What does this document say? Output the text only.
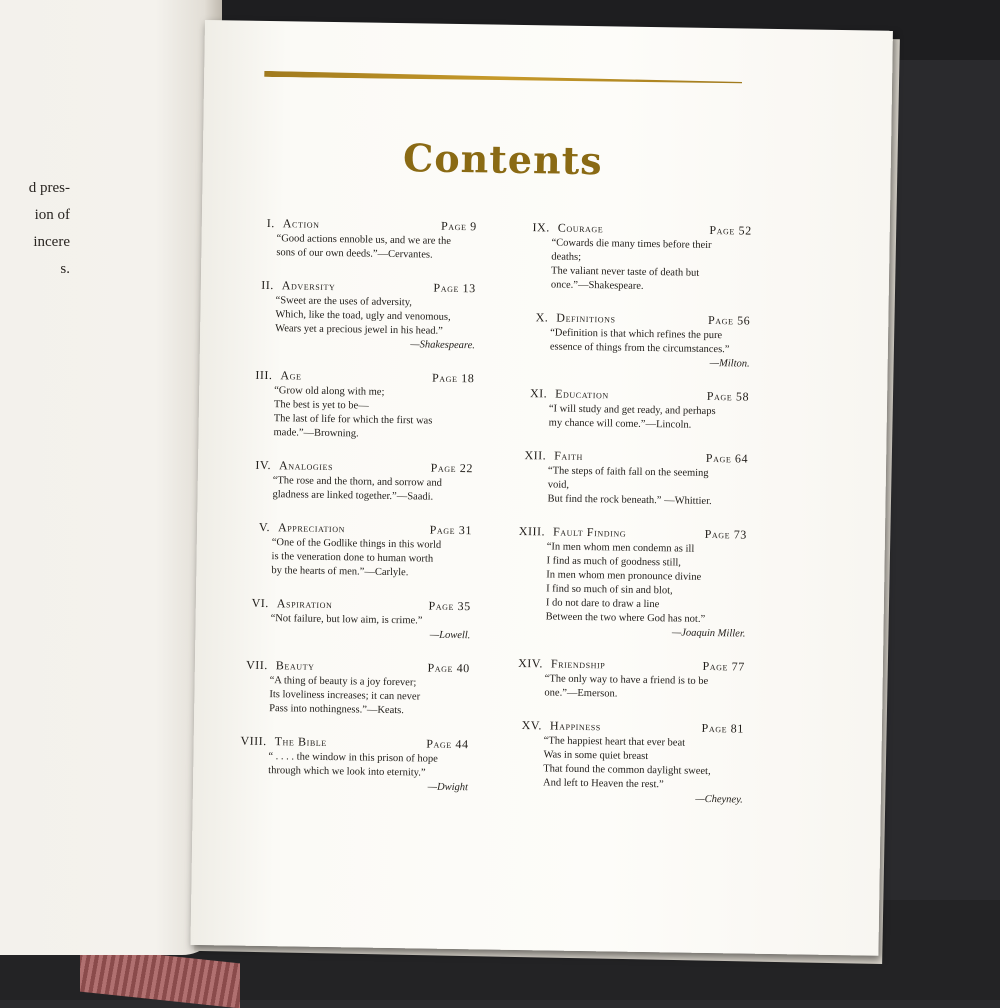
d pres-
ion of
incere
s.
Contents
I. Action	Page 9
“Good actions ennoble us, and we are the
sons of our own deeds.”—Cervantes.
II. Adversity	Page 13
“Sweet are the uses of adversity,
Which, like the toad, ugly and venomous,
Wears yet a precious jewel in his head.”
—Shakespeare.
III. Age	Page 18
“Grow old along with me;
The best is yet to be—
The last of life for which the first was
made.”—Browning.
IV. Analogies	Page 22
“The rose and the thorn, and sorrow and
gladness are linked together.”—Saadi.
V. Appreciation	Page 31
“One of the Godlike things in this world
is the veneration done to human worth
by the hearts of men.”—Carlyle.
VI. Aspiration	Page 35
“Not failure, but low aim, is crime.”
—Lowell.
VII. Beauty	Page 40
“A thing of beauty is a joy forever;
Its loveliness increases; it can never
Pass into nothingness.”—Keats.
VIII. The Bible	Page 44
“ . . . . the window in this prison of hope
through which we look into eternity.”
—Dwight
IX. Courage	Page 52
“Cowards die many times before their
deaths;
The valiant never taste of death but
once.”—Shakespeare.
X. Definitions	Page 56
“Definition is that which refines the pure
essence of things from the circumstances.”
—Milton.
XI. Education	Page 58
“I will study and get ready, and perhaps
my chance will come.”—Lincoln.
XII. Faith	Page 64
“The steps of faith fall on the seeming
void,
But find the rock beneath.” —Whittier.
XIII. Fault Finding	Page 73
“In men whom men condemn as ill
I find as much of goodness still,
In men whom men pronounce divine
I find so much of sin and blot,
I do not dare to draw a line
Between the two where God has not.”
—Joaquin Miller.
XIV. Friendship	Page 77
“The only way to have a friend is to be
one.”—Emerson.
XV. Happiness	Page 81
“The happiest heart that ever beat
Was in some quiet breast
That found the common daylight sweet,
And left to Heaven the rest.”
—Cheyney.
